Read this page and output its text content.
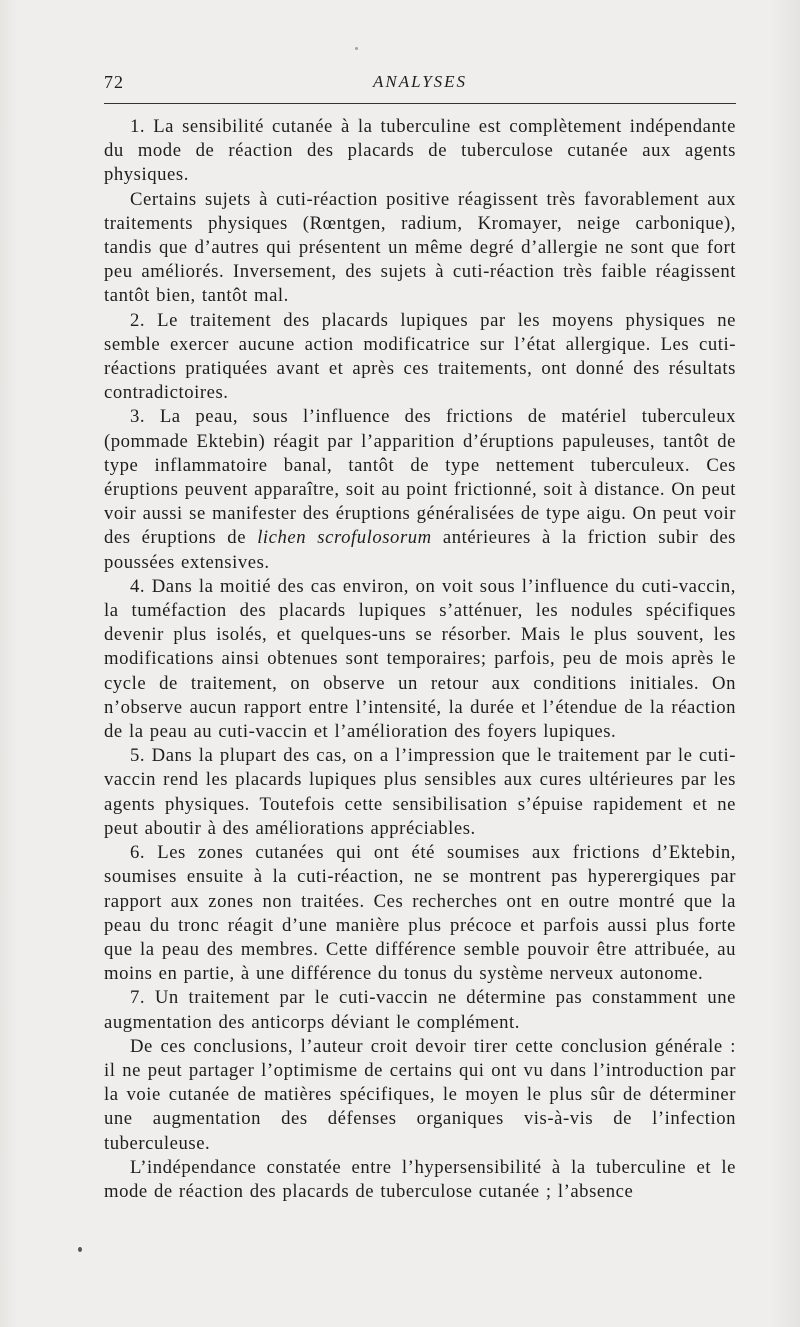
72	ANALYSES

1. La sensibilité cutanée à la tuberculine est complètement indépendante du mode de réaction des placards de tuberculose cutanée aux agents physiques.

Certains sujets à cuti-réaction positive réagissent très favorablement aux traitements physiques (Rœntgen, radium, Kromayer, neige carbonique), tandis que d’autres qui présentent un même degré d’allergie ne sont que fort peu améliorés. Inversement, des sujets à cuti-réaction très faible réagissent tantôt bien, tantôt mal.

2. Le traitement des placards lupiques par les moyens physiques ne semble exercer aucune action modificatrice sur l’état allergique. Les cuti-réactions pratiquées avant et après ces traitements, ont donné des résultats contradictoires.

3. La peau, sous l’influence des frictions de matériel tuberculeux (pommade Ektebin) réagit par l’apparition d’éruptions papuleuses, tantôt de type inflammatoire banal, tantôt de type nettement tuberculeux. Ces éruptions peuvent apparaître, soit au point frictionné, soit à distance. On peut voir aussi se manifester des éruptions généralisées de type aigu. On peut voir des éruptions de lichen scrofulosorum antérieures à la friction subir des poussées extensives.

4. Dans la moitié des cas environ, on voit sous l’influence du cuti-vaccin, la tuméfaction des placards lupiques s’atténuer, les nodules spécifiques devenir plus isolés, et quelques-uns se résorber. Mais le plus souvent, les modifications ainsi obtenues sont temporaires; parfois, peu de mois après le cycle de traitement, on observe un retour aux conditions initiales. On n’observe aucun rapport entre l’intensité, la durée et l’étendue de la réaction de la peau au cuti-vaccin et l’amélioration des foyers lupiques.

5. Dans la plupart des cas, on a l’impression que le traitement par le cuti-vaccin rend les placards lupiques plus sensibles aux cures ultérieures par les agents physiques. Toutefois cette sensibilisation s’épuise rapidement et ne peut aboutir à des améliorations appréciables.

6. Les zones cutanées qui ont été soumises aux frictions d’Ektebin, soumises ensuite à la cuti-réaction, ne se montrent pas hyperergiques par rapport aux zones non traitées. Ces recherches ont en outre montré que la peau du tronc réagit d’une manière plus précoce et parfois aussi plus forte que la peau des membres. Cette différence semble pouvoir être attribuée, au moins en partie, à une différence du tonus du système nerveux autonome.

7. Un traitement par le cuti-vaccin ne détermine pas constamment une augmentation des anticorps déviant le complément.

De ces conclusions, l’auteur croit devoir tirer cette conclusion générale : il ne peut partager l’optimisme de certains qui ont vu dans l’introduction par la voie cutanée de matières spécifiques, le moyen le plus sûr de déterminer une augmentation des défenses organiques vis-à-vis de l’infection tuberculeuse.

L’indépendance constatée entre l’hypersensibilité à la tuberculine et le mode de réaction des placards de tuberculose cutanée ; l’absence
